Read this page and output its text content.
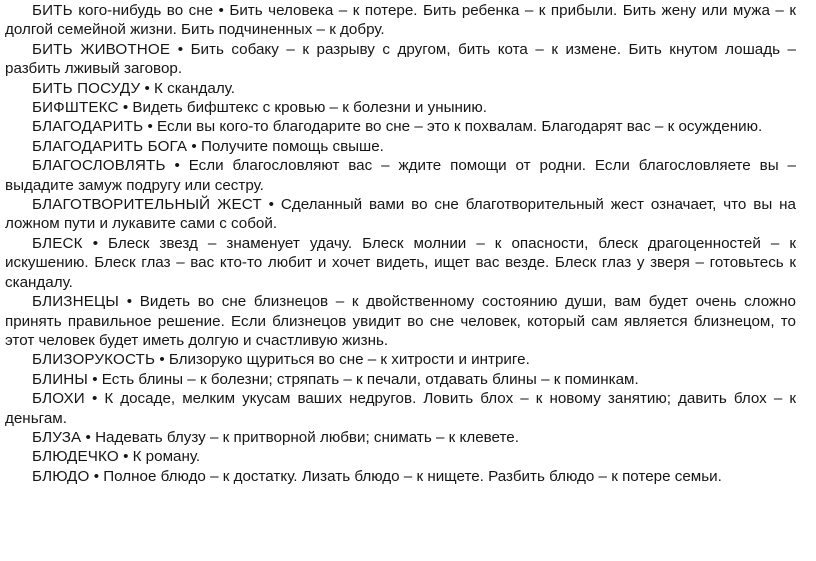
БИТЬ кого-нибудь во сне • Бить человека – к потере. Бить ребенка – к прибыли. Бить жену или мужа – к долгой семейной жизни. Бить подчиненных – к добру.

БИТЬ ЖИВОТНОЕ • Бить собаку – к разрыву с другом, бить кота – к измене. Бить кнутом лошадь – разбить лживый заговор.

БИТЬ ПОСУДУ • К скандалу.

БИФШТЕКС • Видеть бифштекс с кровью – к болезни и унынию.

БЛАГОДАРИТЬ • Если вы кого-то благодарите во сне – это к похвалам. Благодарят вас – к осуждению.

БЛАГОДАРИТЬ БОГА • Получите помощь свыше.

БЛАГОСЛОВЛЯТЬ • Если благословляют вас – ждите помощи от родни. Если благословляете вы – выдадите замуж подругу или сестру.

БЛАГОТВОРИТЕЛЬНЫЙ ЖЕСТ • Сделанный вами во сне благотворительный жест означает, что вы на ложном пути и лукавите сами с собой.

БЛЕСК • Блеск звезд – знаменует удачу. Блеск молнии – к опасности, блеск драгоценностей – к искушению. Блеск глаз – вас кто-то любит и хочет видеть, ищет вас везде. Блеск глаз у зверя – готовьтесь к скандалу.

БЛИЗНЕЦЫ • Видеть во сне близнецов – к двойственному состоянию души, вам будет очень сложно принять правильное решение. Если близнецов увидит во сне человек, который сам является близнецом, то этот человек будет иметь долгую и счастливую жизнь.

БЛИЗОРУКОСТЬ • Близоруко щуриться во сне – к хитрости и интриге.

БЛИНЫ • Есть блины – к болезни; стряпать – к печали, отдавать блины – к поминкам.

БЛОХИ • К досаде, мелким укусам ваших недругов. Ловить блох – к новому занятию; давить блох – к деньгам.

БЛУЗА • Надевать блузу – к притворной любви; снимать – к клевете.

БЛЮДЕЧКО • К роману.

БЛЮДО • Полное блюдо – к достатку. Лизать блюдо – к нищете. Разбить блюдо – к потере семьи.
